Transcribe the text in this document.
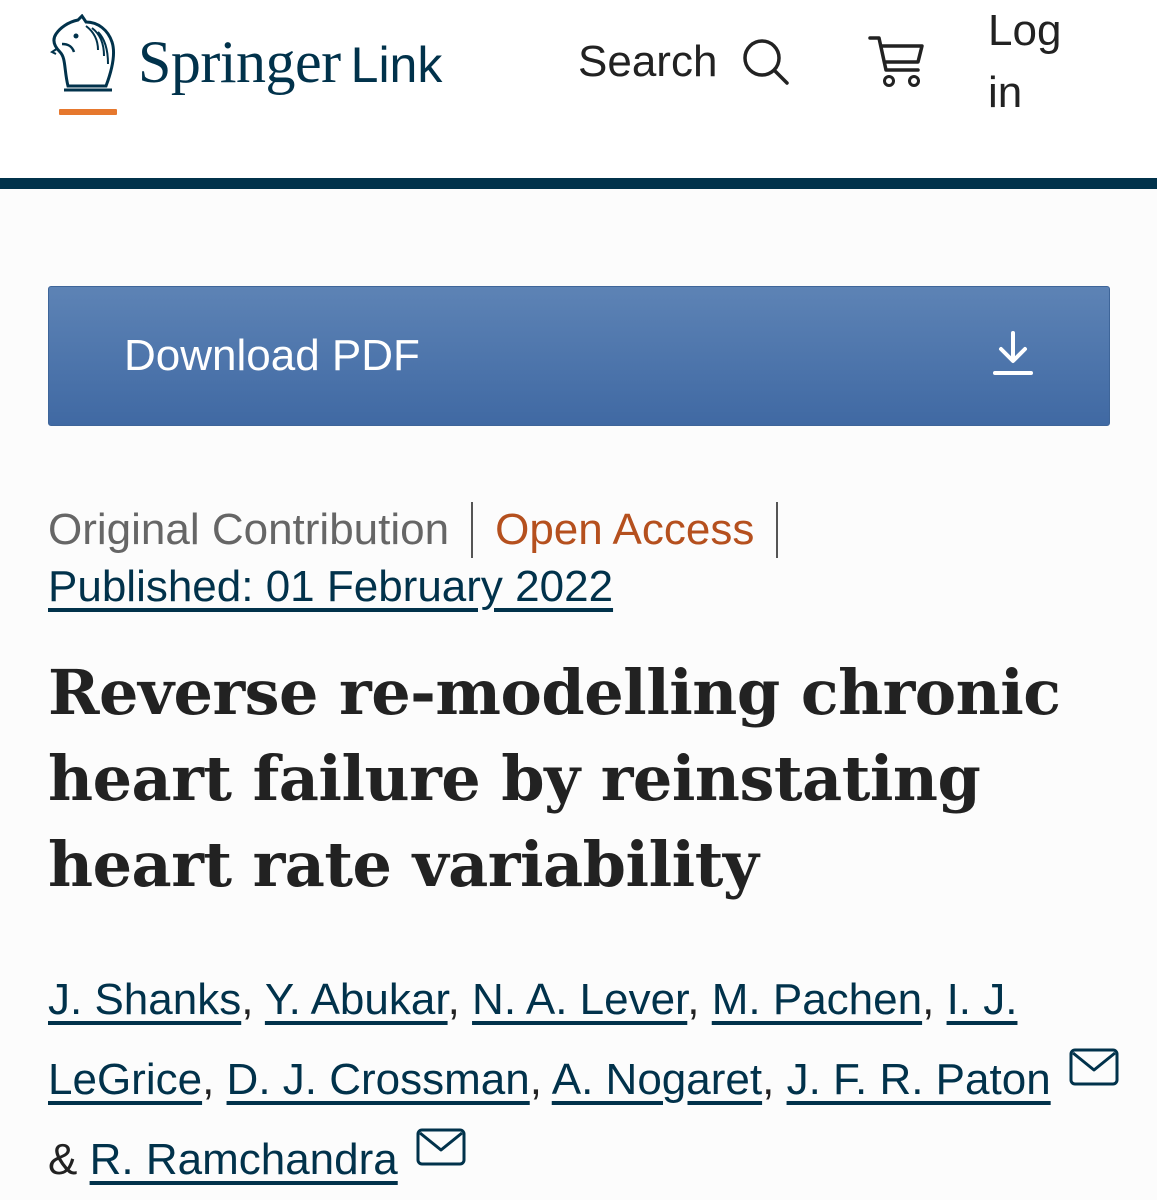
Springer Link	Search
Log in
Download PDF
Original Contribution Open Access
Published: 01 February 2022
Reverse re-modelling chronic heart failure by reinstating heart rate variability
J. Shanks, Y. Abukar, N. A. Lever, M. Pachen, I. J. LeGrice, D. J. Crossman, A. Nogaret, J. F. R. Paton  & R. Ramchandra
